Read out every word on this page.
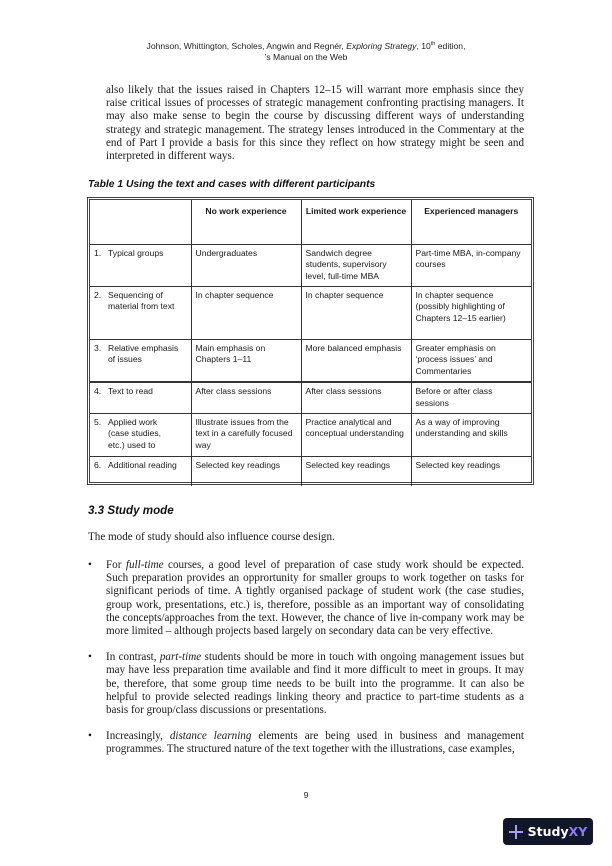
Johnson, Whittington, Scholes, Angwin and Regnér, Exploring Strategy, 10th edition,
’s Manual on the Web

also likely that the issues raised in Chapters 12–15 will warrant more emphasis since they raise critical issues of processes of strategic management confronting practising managers. It may also make sense to begin the course by discussing different ways of understanding strategy and strategic management. The strategy lenses introduced in the Commentary at the end of Part I provide a basis for this since they reflect on how strategy might be seen and interpreted in different ways.

Table 1 Using the text and cases with different participants

	No work experience	Limited work experience	Experienced managers
1. Typical groups	Undergraduates	Sandwich degree students, supervisory level, full-time MBA	Part-time MBA, in-company courses
2. Sequencing of material from text	In chapter sequence	In chapter sequence	In chapter sequence (possibly highlighting of Chapters 12–15 earlier)
3. Relative emphasis of issues	Main emphasis on Chapters 1–11	More balanced emphasis	Greater emphasis on ‘process issues’ and Commentaries
4. Text to read	After class sessions	After class sessions	Before or after class sessions
5. Applied work (case studies, etc.) used to	Illustrate issues from the text in a carefully focused way	Practice analytical and conceptual understanding	As a way of improving understanding and skills
6. Additional reading	Selected key readings	Selected key readings	Selected key readings
3.3 Study mode

The mode of study should also influence course design.

• For full-time courses, a good level of preparation of case study work should be expected. Such preparation provides an opprortunity for smaller groups to work together on tasks for significant periods of time. A tightly organised package of student work (the case studies, group work, presentations, etc.) is, therefore, possible as an important way of consolidating the concepts/approaches from the text. However, the chance of live in-company work may be more limited – although projects based largely on secondary data can be very effective.
• In contrast, part-time students should be more in touch with ongoing management issues but may have less preparation time available and find it more difficult to meet in groups. It may be, therefore, that some group time needs to be built into the programme. It can also be helpful to provide selected readings linking theory and practice to part-time students as a basis for group/class discussions or presentations.
• Increasingly, distance learning elements are being used in business and management programmes. The structured nature of the text together with the illustrations, case examples,
9
StudyXY
